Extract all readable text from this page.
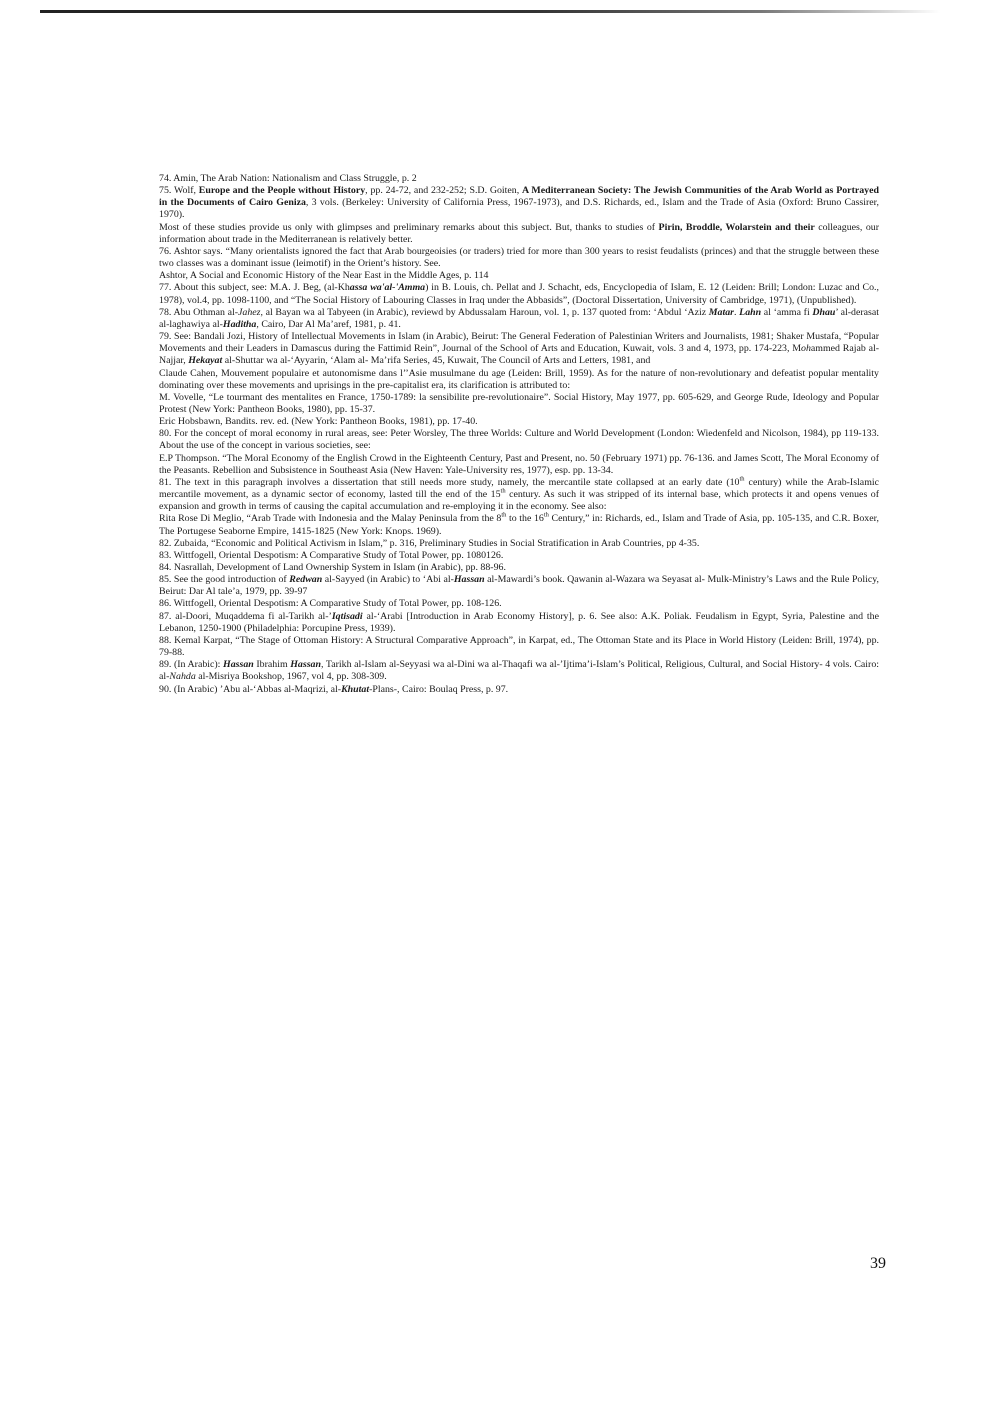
74. Amin, The Arab Nation: Nationalism and Class Struggle, p. 2

75. Wolf, Europe and the People without History, pp. 24-72, and 232-252; S.D. Goiten, A Mediterranean Society: The Jewish Communities of the Arab World as Portrayed in the Documents of Cairo Geniza, 3 vols. (Berkeley: University of California Press, 1967-1973), and D.S. Richards, ed., Islam and the Trade of Asia (Oxford: Bruno Cassirer, 1970).

Most of these studies provide us only with glimpses and preliminary remarks about this subject. But, thanks to studies of Pirin, Broddle, Wolarstein and their colleagues, our information about trade in the Mediterranean is relatively better.

76. Ashtor says. “Many orientalists ignored the fact that Arab bourgeoisies (or traders) tried for more than 300 years to resist feudalists (princes) and that the struggle between these two classes was a dominant issue (leimotif) in the Orient’s history. See.

Ashtor, A Social and Economic History of the Near East in the Middle Ages, p. 114

77. About this subject, see: M.A. J. Beg, (al-Khassa wa'al-'Amma) in B. Louis, ch. Pellat and J. Schacht, eds, Encyclopedia of Islam, E. 12 (Leiden: Brill; London: Luzac and Co., 1978), vol.4, pp. 1098-1100, and “The Social History of Labouring Classes in Iraq under the Abbasids”, (Doctoral Dissertation, University of Cambridge, 1971), (Unpublished).

78. Abu Othman al-Jahez, al Bayan wa al Tabyeen (in Arabic), reviewd by Abdussalam Haroun, vol. 1, p. 137 quoted from: ‘Abdul ‘Aziz Matar. Lahn al ‘amma fi Dhau’ al-derasat al-laghawiya al-Haditha, Cairo, Dar Al Ma’aref, 1981, p. 41.

79. See: Bandali Jozi, History of Intellectual Movements in Islam (in Arabic), Beirut: The General Federation of Palestinian Writers and Journalists, 1981; Shaker Mustafa, “Popular Movements and their Leaders in Damascus during the Fattimid Rein”, Journal of the School of Arts and Education, Kuwait, vols. 3 and 4, 1973, pp. 174-223, Mohammed Rajab al-Najjar, Hekayat al-Shuttar wa al-‘Ayyarin, ‘Alam al- Ma’rifa Series, 45, Kuwait, The Council of Arts and Letters, 1981, and

Claude Cahen, Mouvement populaire et autonomisme dans l’’Asie musulmane du age (Leiden: Brill, 1959). As for the nature of non-revolutionary and defeatist popular mentality dominating over these movements and uprisings in the pre-capitalist era, its clarification is attributed to:

M. Vovelle, “Le tourmant des mentalites en France, 1750-1789: la sensibilite pre-revolutionaire”. Social History, May 1977, pp. 605-629, and George Rude, Ideology and Popular Protest (New York: Pantheon Books, 1980), pp. 15-37.

Eric Hobsbawn, Bandits. rev. ed. (New York: Pantheon Books, 1981), pp. 17-40.

80. For the concept of moral economy in rural areas, see: Peter Worsley, The three Worlds: Culture and World Development (London: Wiedenfeld and Nicolson, 1984), pp 119-133. About the use of the concept in various societies, see:

E.P Thompson. “The Moral Economy of the English Crowd in the Eighteenth Century, Past and Present, no. 50 (February 1971) pp. 76-136. and James Scott, The Moral Economy of the Peasants. Rebellion and Subsistence in Southeast Asia (New Haven: Yale-University res, 1977), esp. pp. 13-34.

81. The text in this paragraph involves a dissertation that still needs more study, namely, the mercantile state collapsed at an early date (10th century) while the Arab-Islamic mercantile movement, as a dynamic sector of economy, lasted till the end of the 15th century. As such it was stripped of its internal base, which protects it and opens venues of expansion and growth in terms of causing the capital accumulation and re-employing it in the economy. See also:

Rita Rose Di Meglio, “Arab Trade with Indonesia and the Malay Peninsula from the 8th to the 16th Century,” in: Richards, ed., Islam and Trade of Asia, pp. 105-135, and C.R. Boxer, The Portugese Seaborne Empire, 1415-1825 (New York: Knops. 1969).

82. Zubaida, “Economic and Political Activism in Islam,” p. 316, Preliminary Studies in Social Stratification in Arab Countries, pp 4-35.

83. Wittfogell, Oriental Despotism: A Comparative Study of Total Power, pp. 1080126.

84. Nasrallah, Development of Land Ownership System in Islam (in Arabic), pp. 88-96.

85. See the good introduction of Redwan al-Sayyed (in Arabic) to ‘Abi al-Hassan al-Mawardi’s book. Qawanin al-Wazara wa Seyasat al- Mulk-Ministry’s Laws and the Rule Policy, Beirut: Dar Al tale’a, 1979, pp. 39-97

86. Wittfogell, Oriental Despotism: A Comparative Study of Total Power, pp. 108-126.

87. al-Doori, Muqaddema fi al-Tarikh al-’Iqtisadi al-‘Arabi [Introduction in Arab Economy History], p. 6. See also: A.K. Poliak. Feudalism in Egypt, Syria, Palestine and the Lebanon, 1250-1900 (Philadelphia: Porcupine Press, 1939).

88. Kemal Karpat, “The Stage of Ottoman History: A Structural Comparative Approach”, in Karpat, ed., The Ottoman State and its Place in World History (Leiden: Brill, 1974), pp. 79-88.

89. (In Arabic): Hassan Ibrahim Hassan, Tarikh al-Islam al-Seyyasi wa al-Dini wa al-Thaqafi wa al-’Ijtima’i-Islam’s Political, Religious, Cultural, and Social History- 4 vols. Cairo: al-Nahda al-Misriya Bookshop, 1967, vol 4, pp. 308-309.

90. (In Arabic) ’Abu al-‘Abbas al-Maqrizi, al-Khutat-Plans-, Cairo: Boulaq Press, p. 97.

39
